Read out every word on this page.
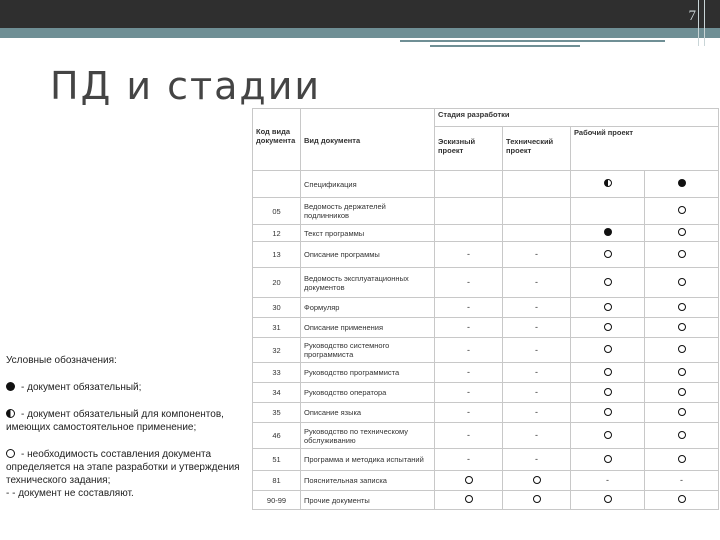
7
ПД и стадии
Условные обозначения:
- документ обязательный;
- документ обязательный для компонентов, имеющих самостоятельное применение;
- необходимость составления документа определяется на этапе разработки и утверждения технического задания;
- - документ не составляют.
Код вида документа	Вид документа	Стадия разработки			
		Эскизный проект	Технический проект	Рабочий проект	
	Спецификация				
05	Ведомость держателей подлинников				
12	Текст программы				
13	Описание программы	-	-		
20	Ведомость эксплуатационных документов	-	-		
30	Формуляр	-	-		
31	Описание применения	-	-		
32	Руководство системного программиста	-	-		
33	Руководство программиста	-	-		
34	Руководство оператора	-	-		
35	Описание языка	-	-		
46	Руководство по техническому обслуживанию	-	-		
51	Программа и методика испытаний	-	-		
81	Пояснительная записка			-	-
90-99	Прочие документы				
